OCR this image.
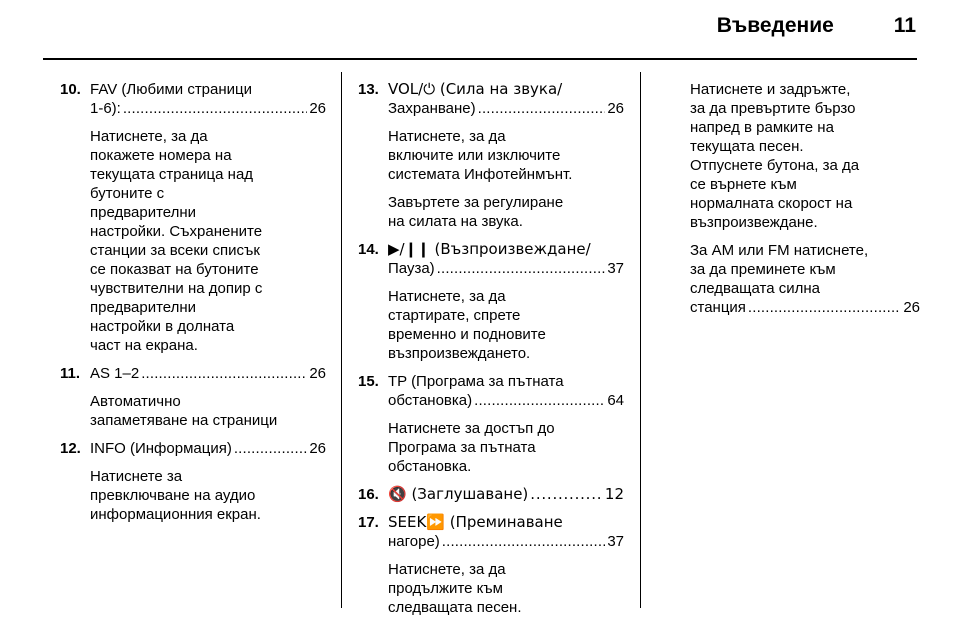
Въведение	11
10. FAV (Любими страници
1-6): . . .	26
Натиснете, за да
покажете номера на
текущата страница над
бутоните с
предварителни
настройки. Съхранените
станции за всеки списък
се показват на бутоните
чувствителни на допир с
предварителни
настройки в долната
част на екрана.
11. AS 1–2 . . .	26
Автоматично
запаметяване на страници
12. INFO (Информация) . . .	26
Натиснете за
превключване на аудио
информационния екран.
13. VOL/⏻ (Сила на звука/
Захранване) . . .	26
Натиснете, за да
включите или изключите
системата Инфотейнмънт.
Завъртете за регулиране
на силата на звука.
14. ▶/❙❙ (Възпроизвеждане/
Пауза) . . .	37
Натиснете, за да
стартирате, спрете
временно и подновите
възпроизвеждането.
15. TP (Програма за пътната
обстановка) . . .	64
Натиснете за достъп до
Програма за пътната
обстановка.
16. 🔇 (Заглушаване) . . .	12
17. SEEK⏩ (Преминаване
нагоре) . . .	37
Натиснете, за да
продължите към
следващата песен.
Натиснете и задръжте,
за да превъртите бързо
напред в рамките на
текущата песен.
Отпуснете бутона, за да
се върнете към
нормалната скорост на
възпроизвеждане.
За AM или FM натиснете,
за да преминете към
следващата силна
станция . . .	26
